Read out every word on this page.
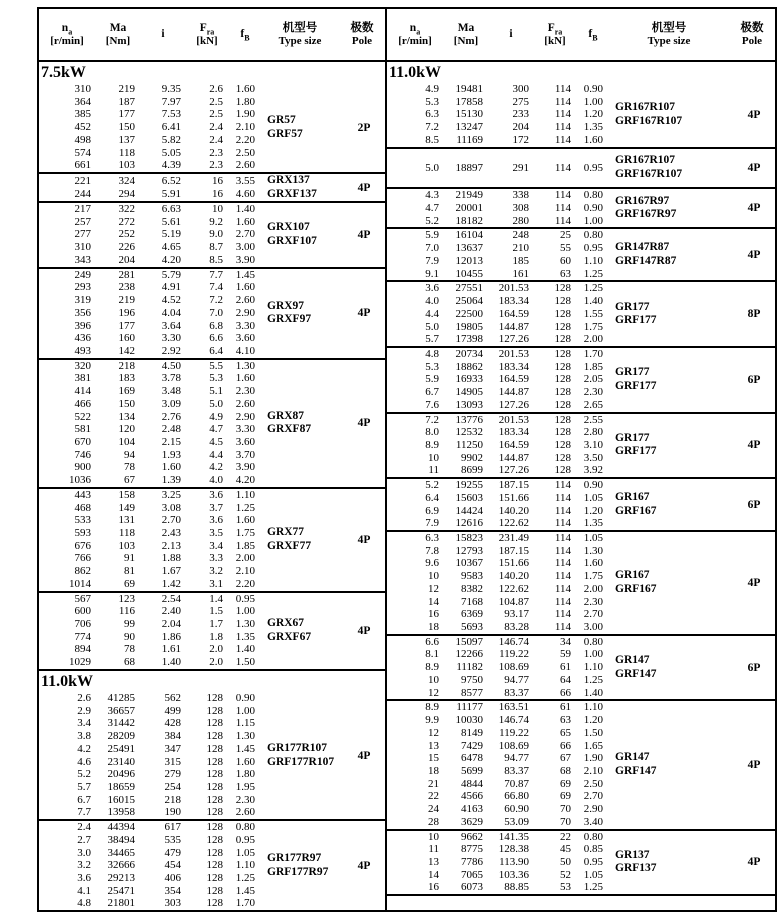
$n_a$
[r/min]
Ma
[Nm]
i
$F_{ra}$
[kN]
$f_B$
机型号
Type size
极数
Pole
7.5kW
310	219	9.35	2.6	1.60
364	187	7.97	2.5	1.80
385	177	7.53	2.5	1.90
452	150	6.41	2.4	2.10
498	137	5.82	2.4	2.20
574	118	5.05	2.3	2.50
661	103	4.39	2.3	2.60
GR57
GRF57	2P
221	324	6.52	16	3.55
244	294	5.91	16	4.60
GRX137
GRXF137	4P
217	322	6.63	10	1.40
257	272	5.61	9.2	1.60
277	252	5.19	9.0	2.70
310	226	4.65	8.7	3.00
343	204	4.20	8.5	3.90
GRX107
GRXF107	4P
249	281	5.79	7.7	1.45
293	238	4.91	7.4	1.60
319	219	4.52	7.2	2.60
356	196	4.04	7.0	2.90
396	177	3.64	6.8	3.30
436	160	3.30	6.6	3.60
493	142	2.92	6.4	4.10
GRX97
GRXF97	4P
320	218	4.50	5.5	1.30
381	183	3.78	5.3	1.60
414	169	3.48	5.1	2.30
466	150	3.09	5.0	2.60
522	134	2.76	4.9	2.90
581	120	2.48	4.7	3.30
670	104	2.15	4.5	3.60
746	94	1.93	4.4	3.70
900	78	1.60	4.2	3.90
1036	67	1.39	4.0	4.20
GRX87
GRXF87	4P
443	158	3.25	3.6	1.10
468	149	3.08	3.7	1.25
533	131	2.70	3.6	1.60
593	118	2.43	3.5	1.75
676	103	2.13	3.4	1.85
766	91	1.88	3.3	2.00
862	81	1.67	3.2	2.10
1014	69	1.42	3.1	2.20
GRX77
GRXF77	4P
567	123	2.54	1.4	0.95
600	116	2.40	1.5	1.00
706	99	2.04	1.7	1.30
774	90	1.86	1.8	1.35
894	78	1.61	2.0	1.40
1029	68	1.40	2.0	1.50
GRX67
GRXF67	4P
11.0kW
2.6	41285	562	128	0.90
2.9	36657	499	128	1.00
3.4	31442	428	128	1.15
3.8	28209	384	128	1.30
4.2	25491	347	128	1.45
4.6	23140	315	128	1.60
5.2	20496	279	128	1.80
5.7	18659	254	128	1.95
6.7	16015	218	128	2.30
7.7	13958	190	128	2.60
GR177R107
GRF177R107	4P
2.4	44394	617	128	0.80
2.7	38494	535	128	0.95
3.0	34465	479	128	1.05
3.2	32666	454	128	1.10
3.6	29213	406	128	1.25
4.1	25471	354	128	1.45
4.8	21801	303	128	1.70
GR177R97
GRF177R97	4P
$n_a$
[r/min]
Ma
[Nm]
i
$F_{ra}$
[kN]
$f_B$
机型号
Type size
极数
Pole
11.0kW
4.9	19481	300	114	0.90
5.3	17858	275	114	1.00
6.3	15130	233	114	1.20
7.2	13247	204	114	1.35
8.5	11169	172	114	1.60
GR167R107
GRF167R107	4P
5.0	18897	291	114	0.95
GR167R107
GRF167R107	4P
4.3	21949	338	114	0.80
4.7	20001	308	114	0.90
5.2	18182	280	114	1.00
GR167R97
GRF167R97	4P
5.9	16104	248	25	0.80
7.0	13637	210	55	0.95
7.9	12013	185	60	1.10
9.1	10455	161	63	1.25
GR147R87
GRF147R87	4P
3.6	27551	201.53	128	1.25
4.0	25064	183.34	128	1.40
4.4	22500	164.59	128	1.55
5.0	19805	144.87	128	1.75
5.7	17398	127.26	128	2.00
GR177
GRF177	8P
4.8	20734	201.53	128	1.70
5.3	18862	183.34	128	1.85
5.9	16933	164.59	128	2.05
6.7	14905	144.87	128	2.30
7.6	13093	127.26	128	2.65
GR177
GRF177	6P
7.2	13776	201.53	128	2.55
8.0	12532	183.34	128	2.80
8.9	11250	164.59	128	3.10
10	9902	144.87	128	3.50
11	8699	127.26	128	3.92
GR177
GRF177	4P
5.2	19255	187.15	114	0.90
6.4	15603	151.66	114	1.05
6.9	14424	140.20	114	1.20
7.9	12616	122.62	114	1.35
GR167
GRF167	6P
6.3	15823	231.49	114	1.05
7.8	12793	187.15	114	1.30
9.6	10367	151.66	114	1.60
10	9583	140.20	114	1.75
12	8382	122.62	114	2.00
14	7168	104.87	114	2.30
16	6369	93.17	114	2.70
18	5693	83.28	114	3.00
GR167
GRF167	4P
6.6	15097	146.74	34	0.80
8.1	12266	119.22	59	1.00
8.9	11182	108.69	61	1.10
10	9750	94.77	64	1.25
12	8577	83.37	66	1.40
GR147
GRF147	6P
8.9	11177	163.51	61	1.10
9.9	10030	146.74	63	1.20
12	8149	119.22	65	1.50
13	7429	108.69	66	1.65
15	6478	94.77	67	1.90
18	5699	83.37	68	2.10
21	4844	70.87	69	2.50
22	4566	66.80	69	2.70
24	4163	60.90	70	2.90
28	3629	53.09	70	3.40
GR147
GRF147	4P
10	9662	141.35	22	0.80
11	8775	128.38	45	0.85
13	7786	113.90	50	0.95
14	7065	103.36	52	1.05
16	6073	88.85	53	1.25
GR137
GRF137	4P
